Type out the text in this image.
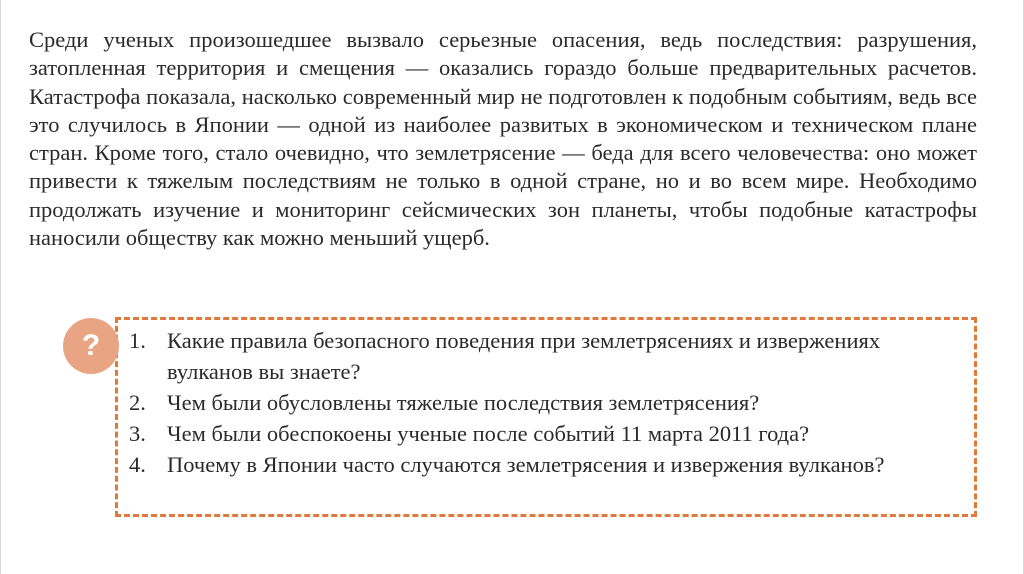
Среди ученых произошедшее вызвало серьезные опасения, ведь последствия: разрушения, затопленная территория и смещения — оказались гораздо больше предварительных расчетов. Катастрофа показала, насколько современный мир не подготовлен к подобным событиям, ведь все это случилось в Японии — одной из наиболее развитых в экономическом и техническом плане стран. Кроме того, стало очевидно, что землетрясение — беда для всего человечества: оно может привести к тяжелым последствиям не только в одной стране, но и во всем мире. Необходимо продолжать изучение и мониторинг сейсмических зон планеты, чтобы подобные катастрофы наносили обществу как можно меньший ущерб.

?	1. Какие правила безопасного поведения при землетрясениях и извержениях вулканов вы знаете?
2. Чем были обусловлены тяжелые последствия землетрясения?
3. Чем были обеспокоены ученые после событий 11 марта 2011 года?
4. Почему в Японии часто случаются землетрясения и извержения вулканов?
